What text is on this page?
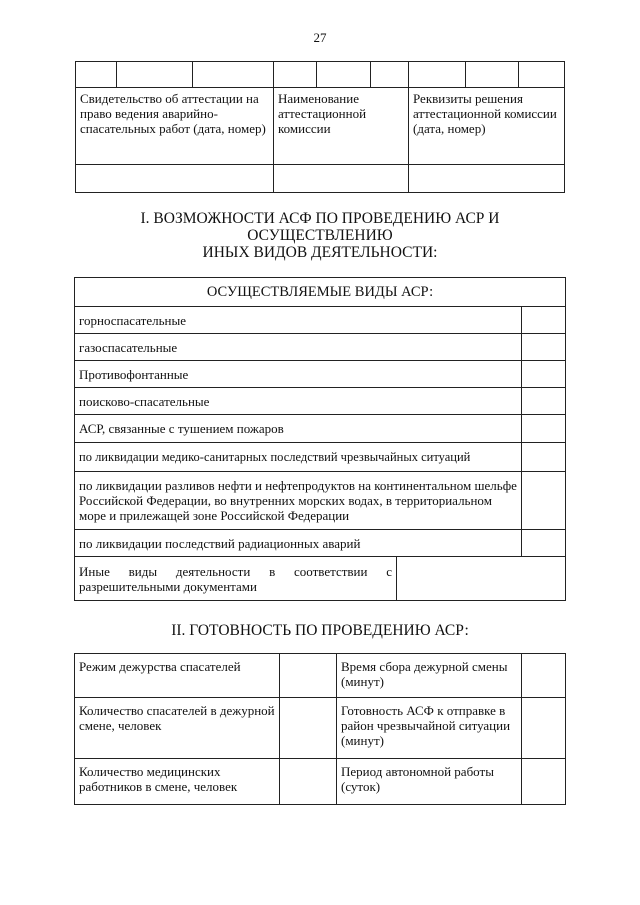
27

Свидетельство об аттестации на право ведения аварийно-спасательных работ (дата, номер)			Наименование аттестационной комиссии			Реквизиты решения аттестационной комиссии (дата, номер)		

I. ВОЗМОЖНОСТИ АСФ ПО ПРОВЕДЕНИЮ АСР И
ОСУЩЕСТВЛЕНИЮ
ИНЫХ ВИДОВ ДЕЯТЕЛЬНОСТИ:
ОСУЩЕСТВЛЯЕМЫЕ ВИДЫ АСР:		
горноспасательные		
газоспасательные		
Противофонтанные		
поисково-спасательные		
АСР, связанные с тушением пожаров		
по ликвидации медико-санитарных последствий чрезвычайных ситуаций		
по ликвидации разливов нефти и нефтепродуктов на континентальном шельфе Российской Федерации, во внутренних морских водах, в территориальном море и прилежащей зоне Российской Федерации		
по ликвидации последствий радиационных аварий		

Иные виды деятельности в соответствии с
разрешительными документами		

II. ГОТОВНОСТЬ ПО ПРОВЕДЕНИЮ АСР:
Режим дежурства спасателей		Время сбора дежурной смены (минут)	
Количество спасателей в дежурной смене, человек		Готовность АСФ к отправке в район чрезвычайной ситуации (минут)	
Количество медицинских работников в смене, человек		Период автономной работы (суток)	
